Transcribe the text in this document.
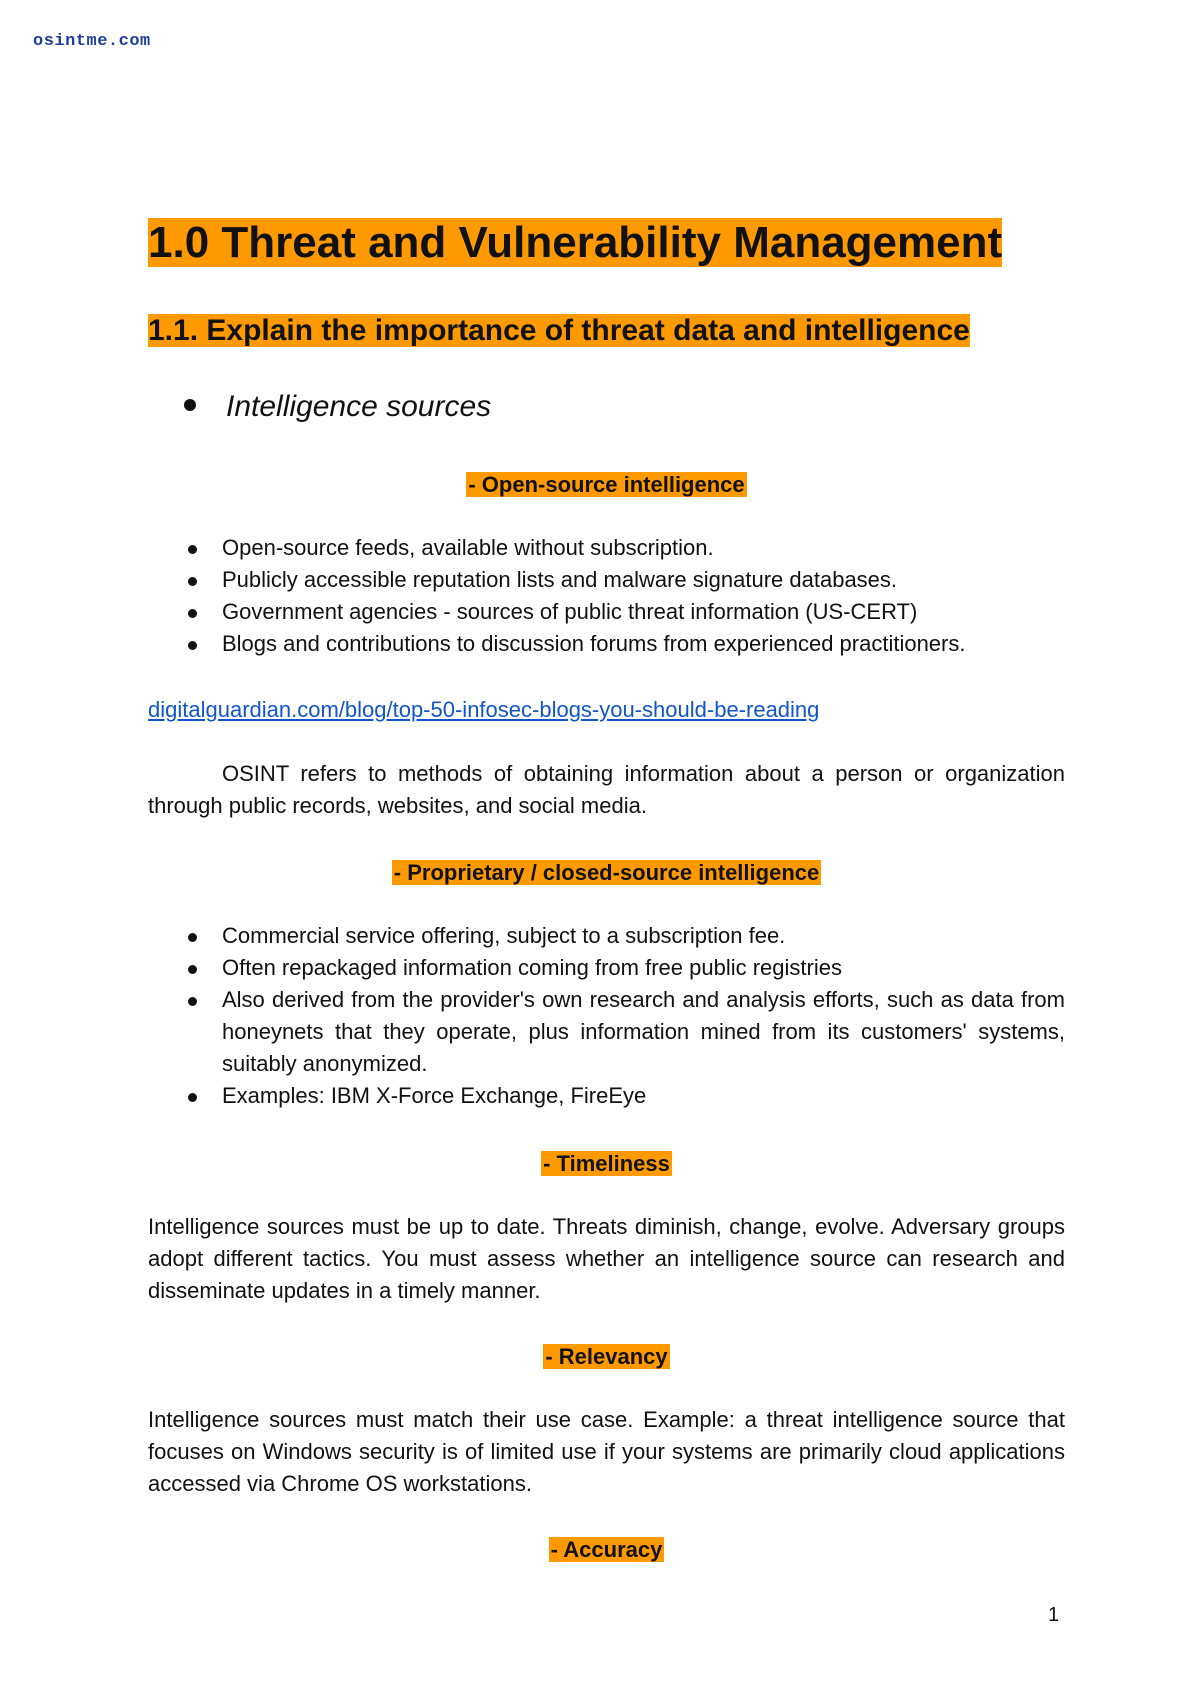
osintme.com
1.0 Threat and Vulnerability Management
1.1. Explain the importance of threat data and intelligence
Intelligence sources
- Open-source intelligence
Open-source feeds, available without subscription.
Publicly accessible reputation lists and malware signature databases.
Government agencies - sources of public threat information (US-CERT)
Blogs and contributions to discussion forums from experienced practitioners.
digitalguardian.com/blog/top-50-infosec-blogs-you-should-be-reading

OSINT refers to methods of obtaining information about a person or organization through public records, websites, and social media.

- Proprietary / closed-source intelligence
Commercial service offering, subject to a subscription fee.
Often repackaged information coming from free public registries
Also derived from the provider's own research and analysis efforts, such as data from honeynets that they operate, plus information mined from its customers' systems, suitably anonymized.
Examples: IBM X-Force Exchange, FireEye
- Timeliness

Intelligence sources must be up to date. Threats diminish, change, evolve. Adversary groups adopt different tactics. You must assess whether an intelligence source can research and disseminate updates in a timely manner.

- Relevancy

Intelligence sources must match their use case. Example: a threat intelligence source that focuses on Windows security is of limited use if your systems are primarily cloud applications accessed via Chrome OS workstations.

- Accuracy
1
